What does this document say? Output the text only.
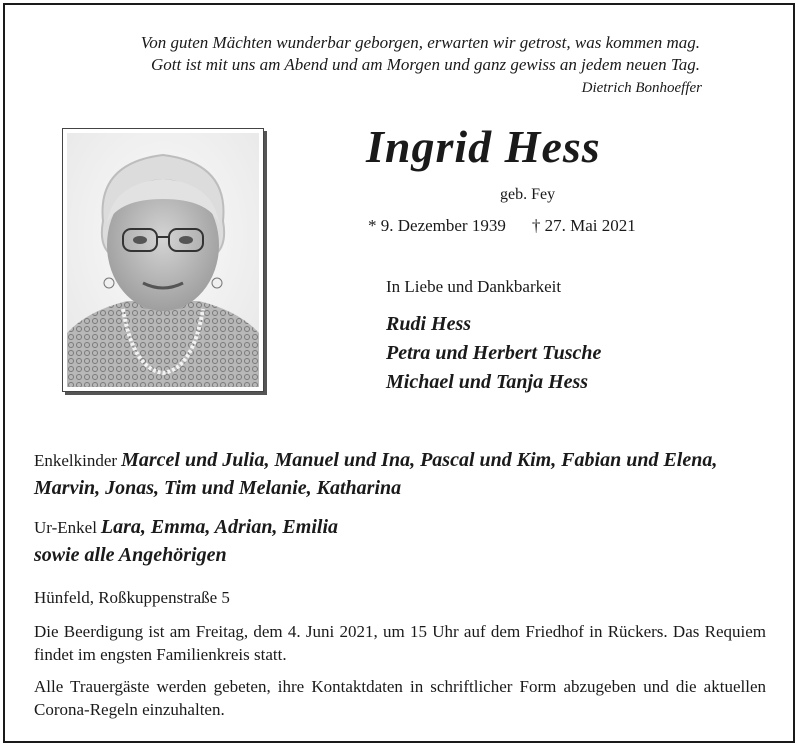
Von guten Mächten wunderbar geborgen, erwarten wir getrost, was kommen mag.
Gott ist mit uns am Abend und am Morgen und ganz gewiss an jedem neuen Tag.
Dietrich Bonhoeffer
Ingrid Hess
geb. Fey
* 9. Dezember 1939 † 27. Mai 2021
In Liebe und Dankbarkeit
Rudi Hess
Petra und Herbert Tusche
Michael und Tanja Hess
Enkelkinder Marcel und Julia, Manuel und Ina, Pascal und Kim, Fabian und Elena, Marvin, Jonas, Tim und Melanie, Katharina
Ur-Enkel Lara, Emma, Adrian, Emilia
sowie alle Angehörigen
Hünfeld, Roßkuppenstraße 5
Die Beerdigung ist am Freitag, dem 4. Juni 2021, um 15 Uhr auf dem Friedhof in Rückers. Das Requiem findet im engsten Familienkreis statt.
Alle Trauergäste werden gebeten, ihre Kontaktdaten in schriftlicher Form abzugeben und die aktuellen Corona-Regeln einzuhalten.
